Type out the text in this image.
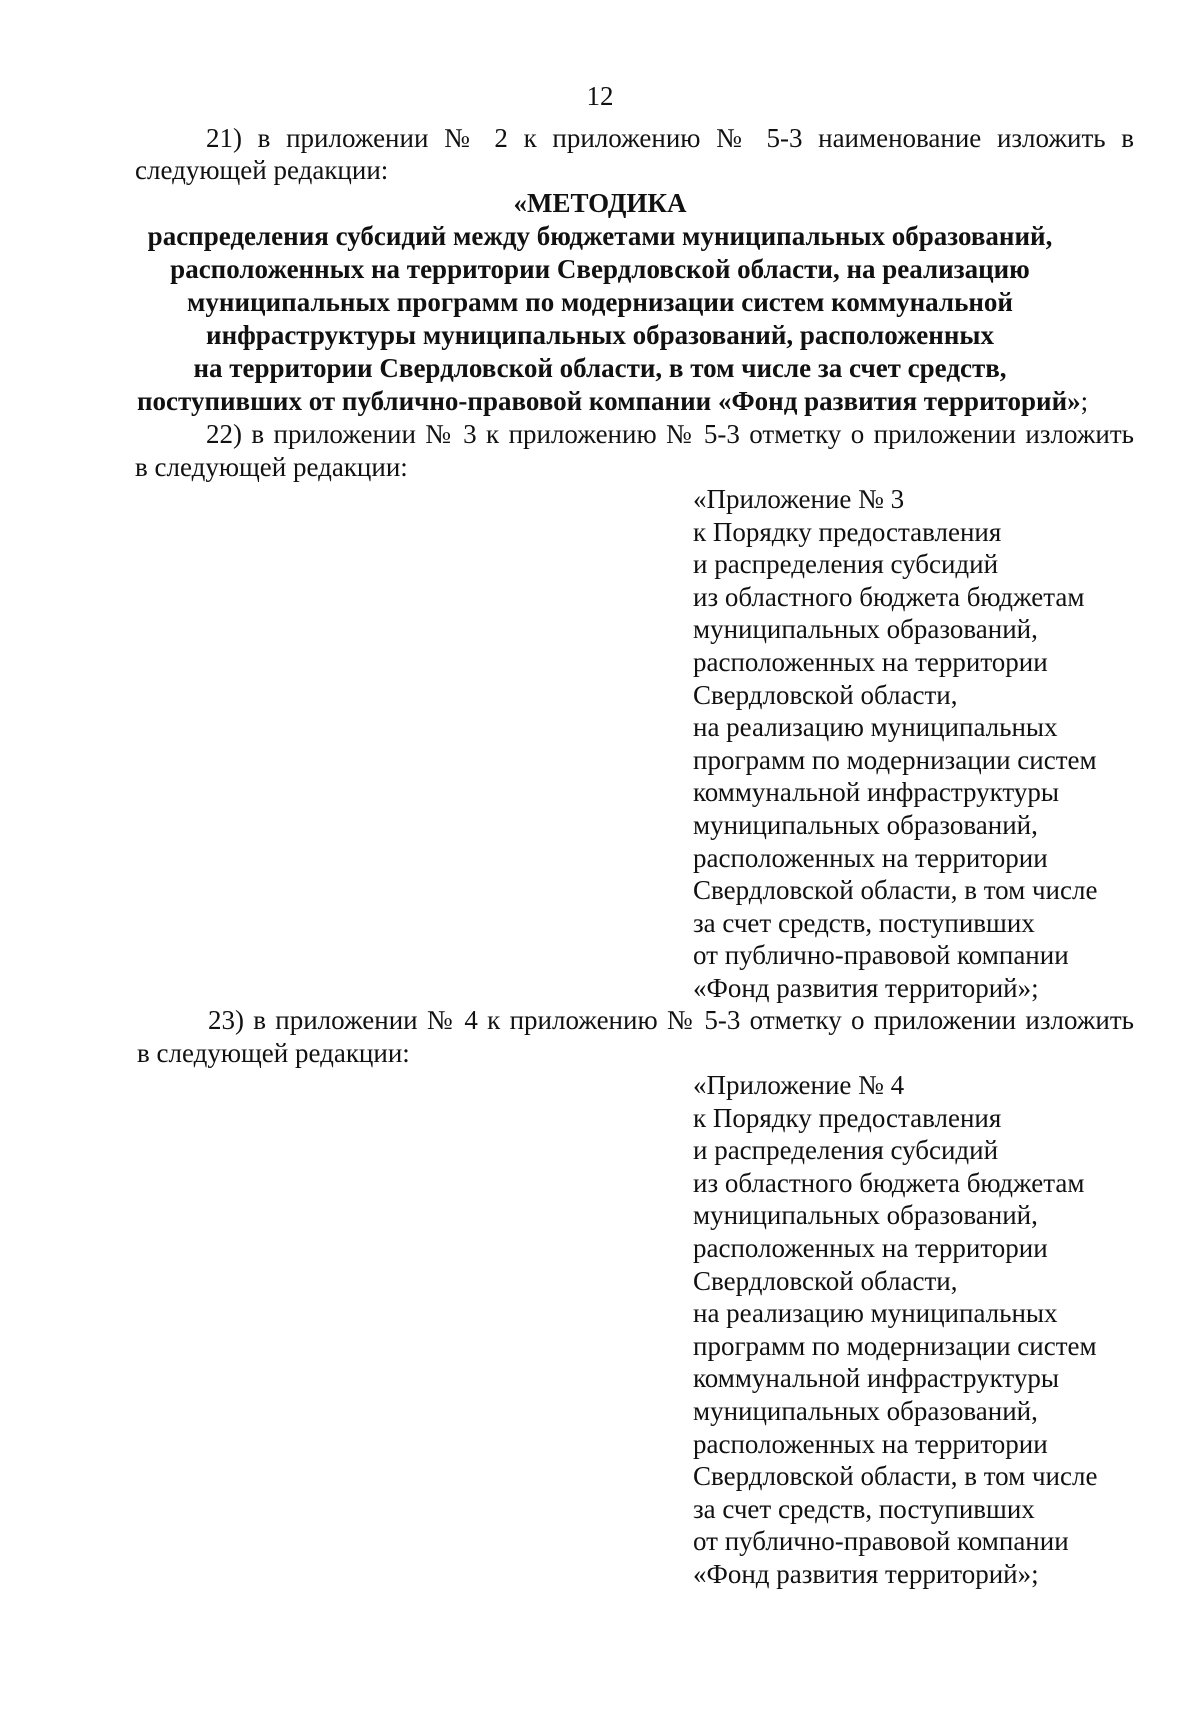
12
21) в приложении № 2 к приложению № 5-3 наименование изложить в
следующей редакции:
«МЕТОДИКА
распределения субсидий между бюджетами муниципальных образований,
расположенных на территории Свердловской области, на реализацию
муниципальных программ по модернизации систем коммунальной
инфраструктуры муниципальных образований, расположенных
на территории Свердловской области, в том числе за счет средств,
поступивших от публично-правовой компании «Фонд развития территорий»;
22) в приложении № 3 к приложению № 5-3 отметку о приложении изложить
в следующей редакции:
«Приложение № 3
к Порядку предоставления
и распределения субсидий
из областного бюджета бюджетам
муниципальных образований,
расположенных на территории
Свердловской области,
на реализацию муниципальных
программ по модернизации систем
коммунальной инфраструктуры
муниципальных образований,
расположенных на территории
Свердловской области, в том числе
за счет средств, поступивших
от публично-правовой компании
«Фонд развития территорий»;
23) в приложении № 4 к приложению № 5-3 отметку о приложении изложить
в следующей редакции:
«Приложение № 4
к Порядку предоставления
и распределения субсидий
из областного бюджета бюджетам
муниципальных образований,
расположенных на территории
Свердловской области,
на реализацию муниципальных
программ по модернизации систем
коммунальной инфраструктуры
муниципальных образований,
расположенных на территории
Свердловской области, в том числе
за счет средств, поступивших
от публично-правовой компании
«Фонд развития территорий»;
